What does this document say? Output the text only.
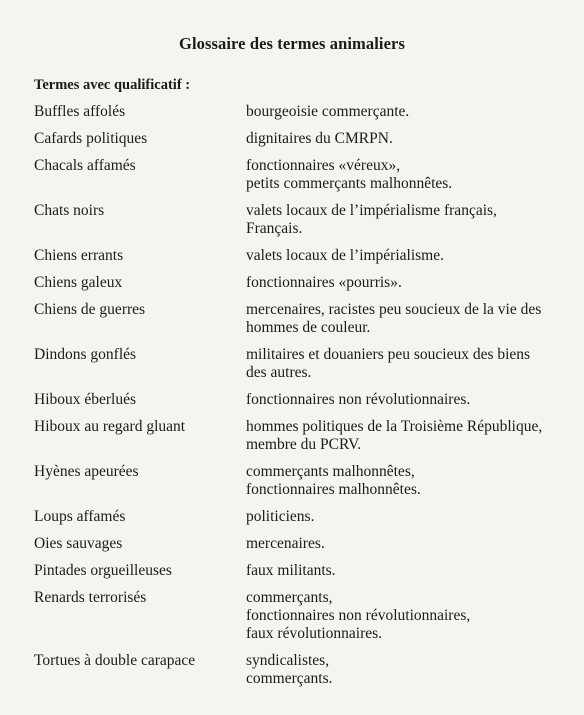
Glossaire des termes animaliers
Termes avec qualificatif :
Buffles affolés	bourgeoisie commerçante.
Cafards politiques	dignitaires du CMRPN.
Chacals affamés	fonctionnaires «véreux»,
petits commerçants malhonnêtes.
Chats noirs	valets locaux de l’impérialisme français,
Français.
Chiens errants	valets locaux de l’impérialisme.
Chiens galeux	fonctionnaires «pourris».
Chiens de guerres	mercenaires, racistes peu soucieux de la vie des
hommes de couleur.
Dindons gonflés	militaires et douaniers peu soucieux des biens
des autres.
Hiboux éberlués	fonctionnaires non révolutionnaires.
Hiboux au regard gluant	hommes politiques de la Troisième République,
membre du PCRV.
Hyènes apeurées	commerçants malhonnêtes,
fonctionnaires malhonnêtes.
Loups affamés	politiciens.
Oies sauvages	mercenaires.
Pintades orgueilleuses	faux militants.
Renards terrorisés	commerçants,
fonctionnaires non révolutionnaires,
faux révolutionnaires.
Tortues à double carapace	syndicalistes,
commerçants.
